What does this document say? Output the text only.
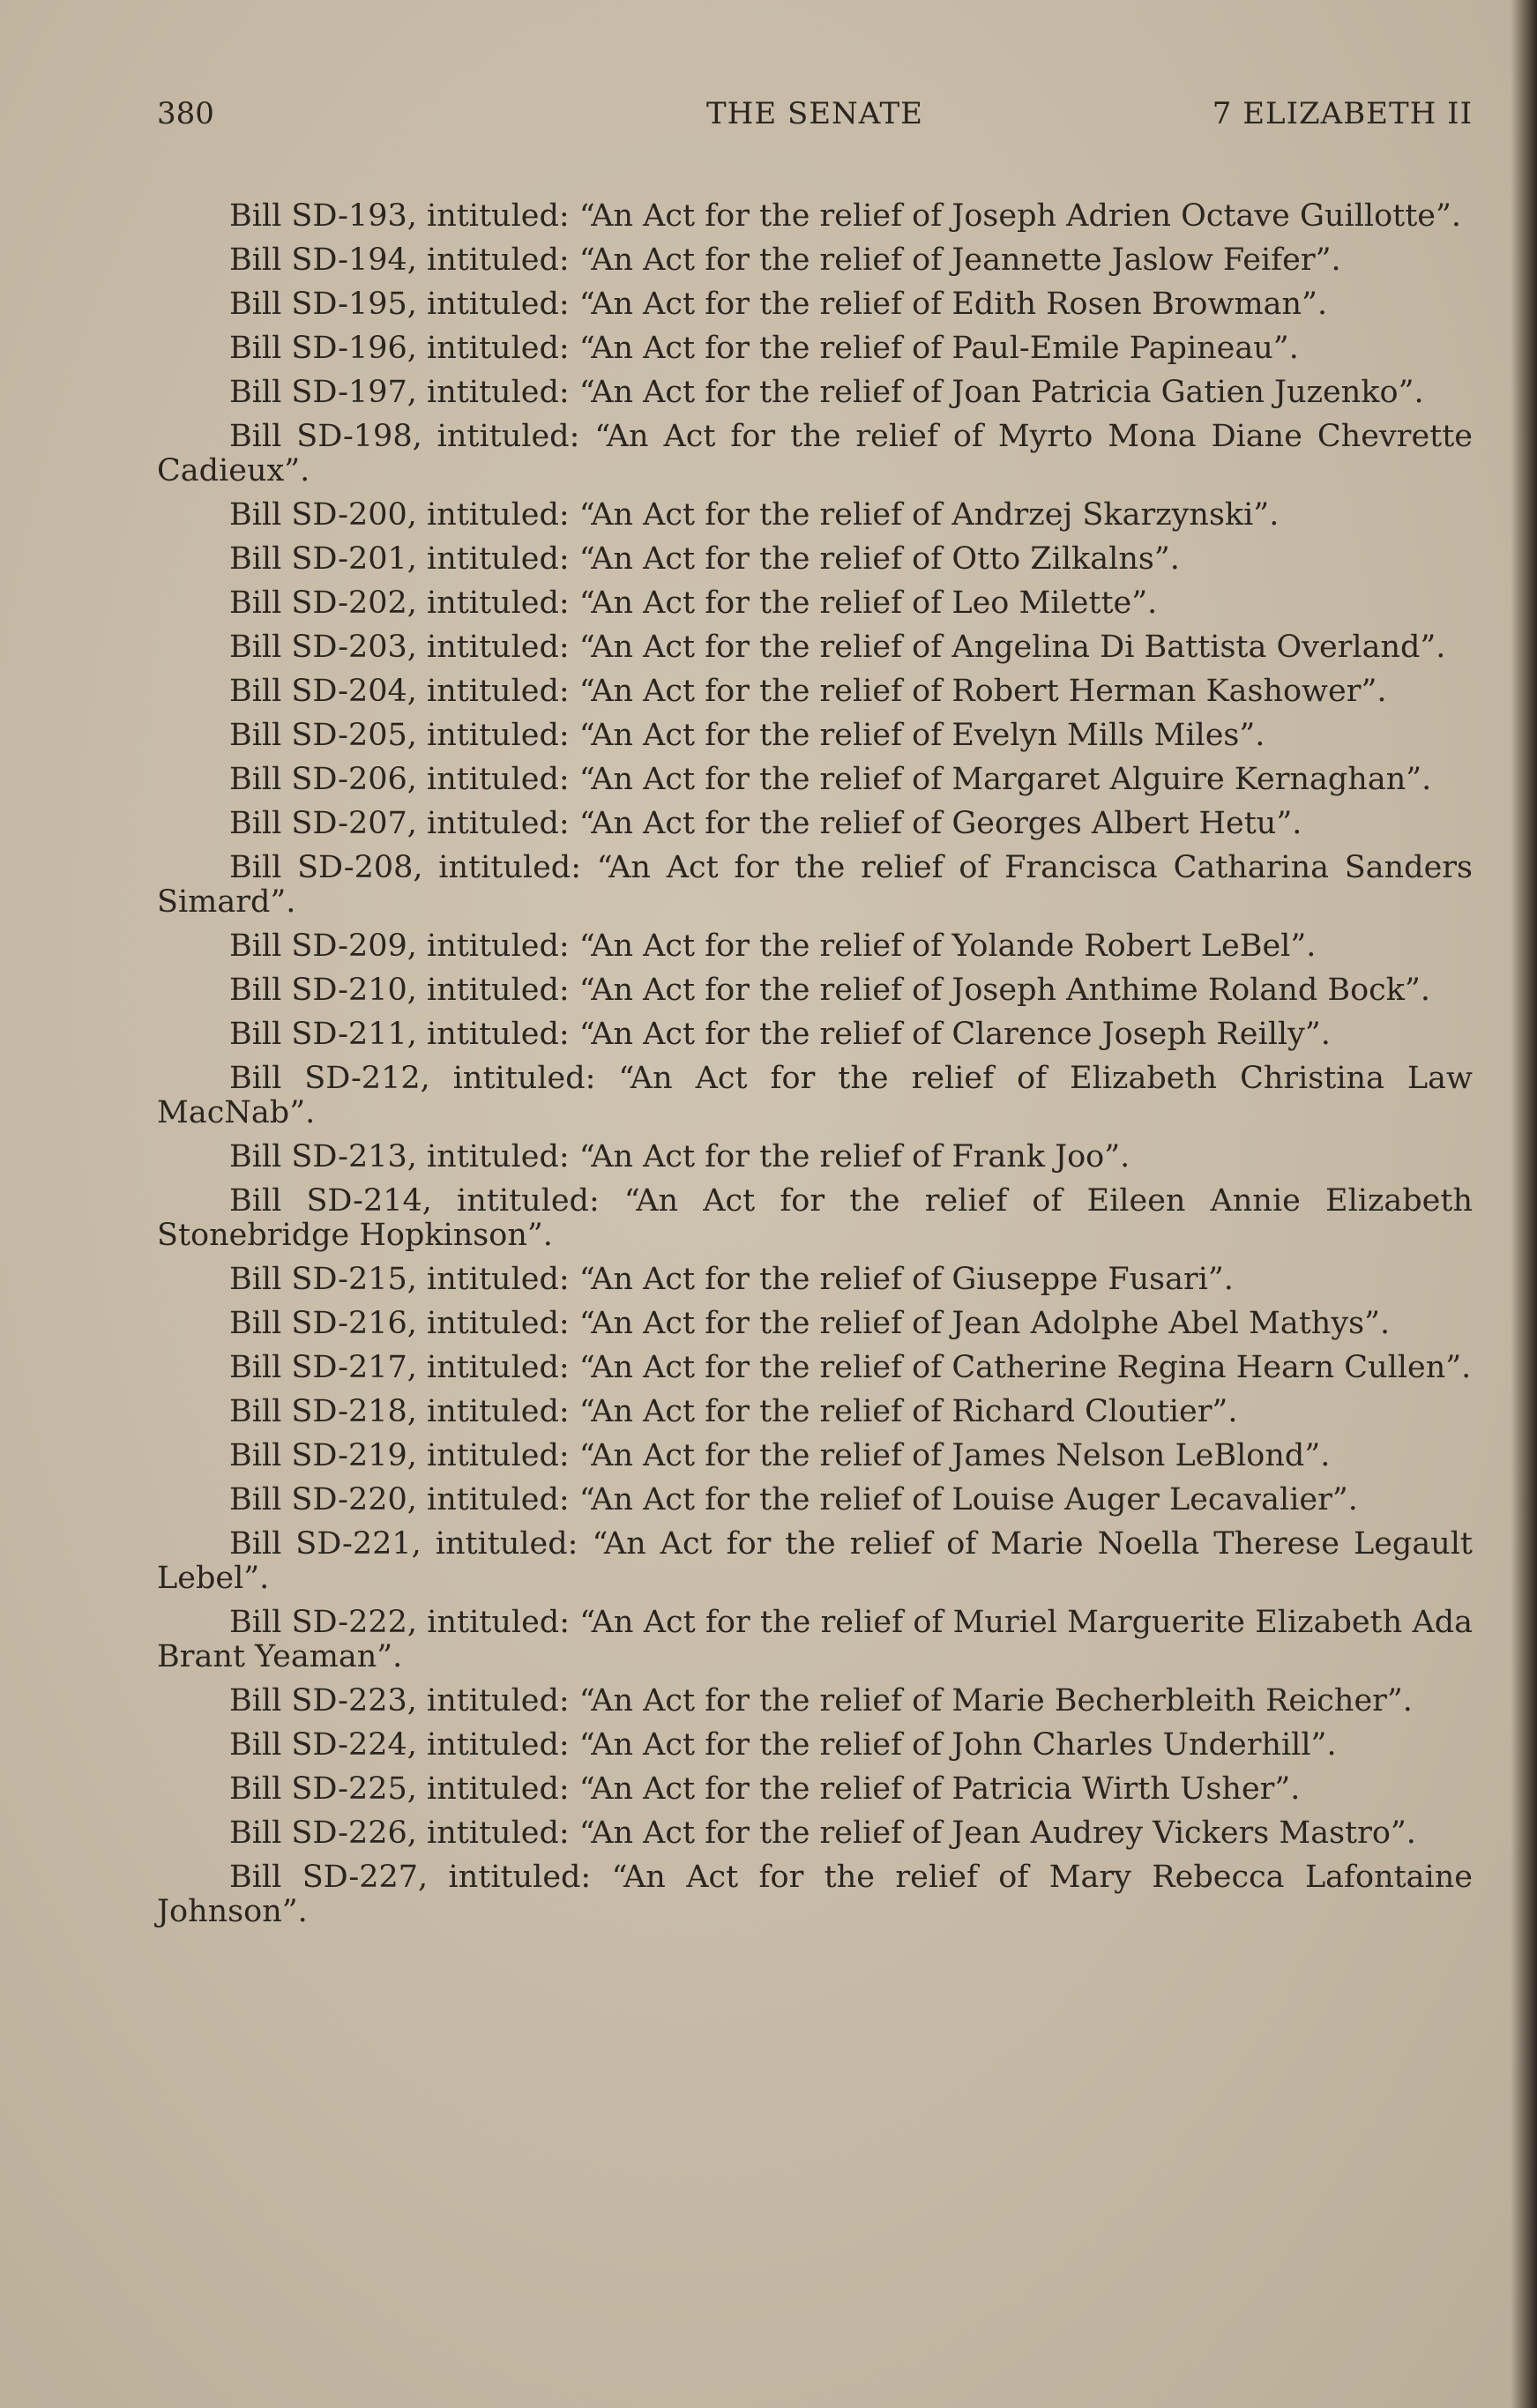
380	THE SENATE	7 ELIZABETH II

Bill SD-193, intituled: “An Act for the relief of Joseph Adrien Octave Guillotte”.

Bill SD-194, intituled: “An Act for the relief of Jeannette Jaslow Feifer”.

Bill SD-195, intituled: “An Act for the relief of Edith Rosen Browman”.

Bill SD-196, intituled: “An Act for the relief of Paul-Emile Papineau”.

Bill SD-197, intituled: “An Act for the relief of Joan Patricia Gatien Juzenko”.

Bill SD-198, intituled: “An Act for the relief of Myrto Mona Diane Chevrette Cadieux”.

Bill SD-200, intituled: “An Act for the relief of Andrzej Skarzynski”.

Bill SD-201, intituled: “An Act for the relief of Otto Zilkalns”.

Bill SD-202, intituled: “An Act for the relief of Leo Milette”.

Bill SD-203, intituled: “An Act for the relief of Angelina Di Battista Overland”.

Bill SD-204, intituled: “An Act for the relief of Robert Herman Kashower”.

Bill SD-205, intituled: “An Act for the relief of Evelyn Mills Miles”.

Bill SD-206, intituled: “An Act for the relief of Margaret Alguire Kernaghan”.

Bill SD-207, intituled: “An Act for the relief of Georges Albert Hetu”.

Bill SD-208, intituled: “An Act for the relief of Francisca Catharina Sanders Simard”.

Bill SD-209, intituled: “An Act for the relief of Yolande Robert LeBel”.

Bill SD-210, intituled: “An Act for the relief of Joseph Anthime Roland Bock”.

Bill SD-211, intituled: “An Act for the relief of Clarence Joseph Reilly”.

Bill SD-212, intituled: “An Act for the relief of Elizabeth Christina Law MacNab”.

Bill SD-213, intituled: “An Act for the relief of Frank Joo”.

Bill SD-214, intituled: “An Act for the relief of Eileen Annie Elizabeth Stonebridge Hopkinson”.

Bill SD-215, intituled: “An Act for the relief of Giuseppe Fusari”.

Bill SD-216, intituled: “An Act for the relief of Jean Adolphe Abel Mathys”.

Bill SD-217, intituled: “An Act for the relief of Catherine Regina Hearn Cullen”.

Bill SD-218, intituled: “An Act for the relief of Richard Cloutier”.

Bill SD-219, intituled: “An Act for the relief of James Nelson LeBlond”.

Bill SD-220, intituled: “An Act for the relief of Louise Auger Lecavalier”.

Bill SD-221, intituled: “An Act for the relief of Marie Noella Therese Legault Lebel”.

Bill SD-222, intituled: “An Act for the relief of Muriel Marguerite Elizabeth Ada Brant Yeaman”.

Bill SD-223, intituled: “An Act for the relief of Marie Becherbleith Reicher”.

Bill SD-224, intituled: “An Act for the relief of John Charles Underhill”.

Bill SD-225, intituled: “An Act for the relief of Patricia Wirth Usher”.

Bill SD-226, intituled: “An Act for the relief of Jean Audrey Vickers Mastro”.

Bill SD-227, intituled: “An Act for the relief of Mary Rebecca Lafontaine Johnson”.
